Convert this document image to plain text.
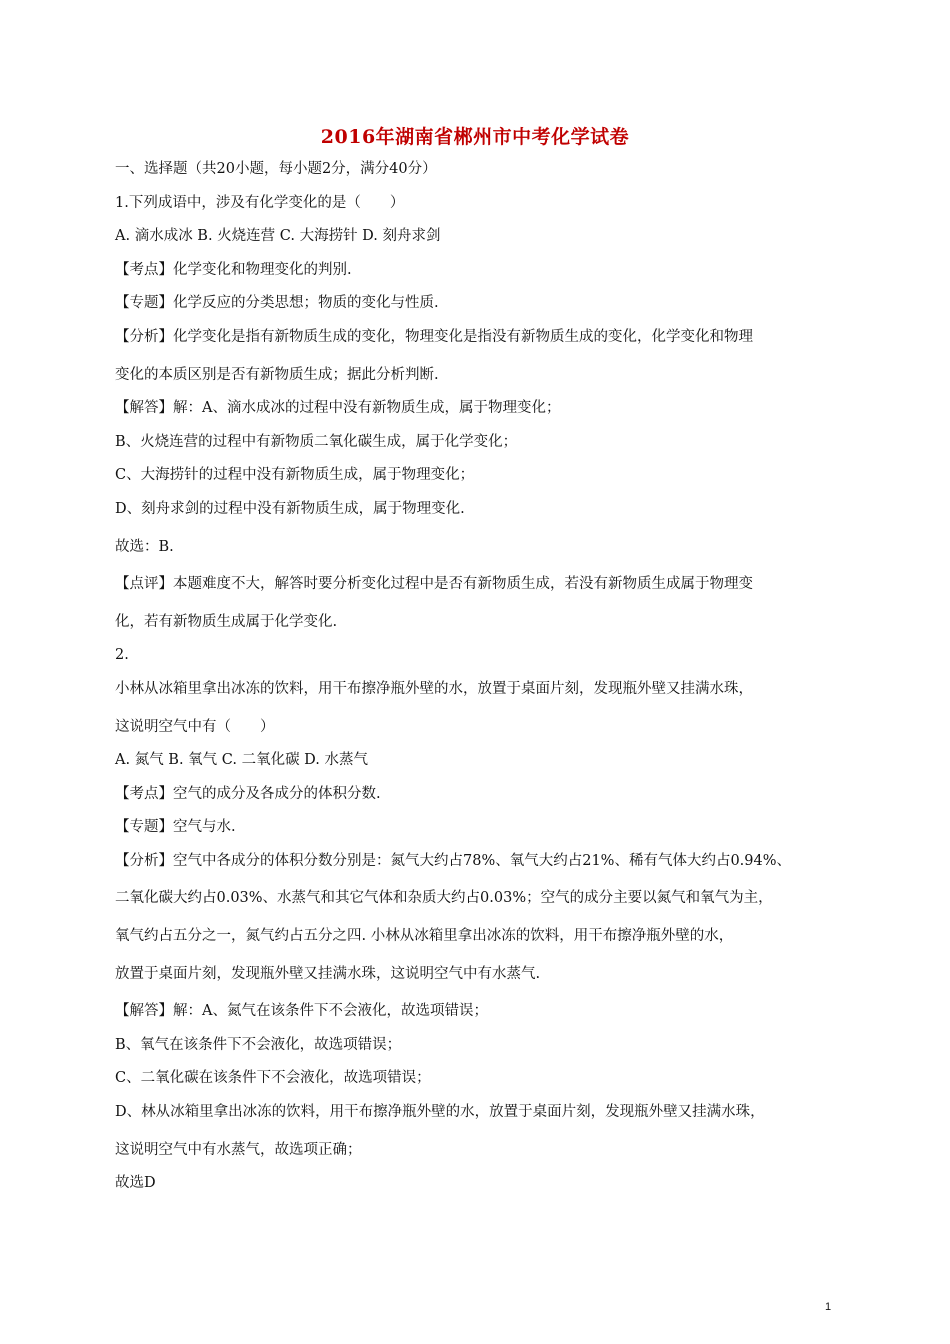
2016年湖南省郴州市中考化学试卷
一、选择题（共20小题，每小题2分，满分40分）
1.下列成语中，涉及有化学变化的是（　　）
A. 滴水成冰 B. 火烧连营 C. 大海捞针 D. 刻舟求剑
【考点】化学变化和物理变化的判别.
【专题】化学反应的分类思想；物质的变化与性质.
【分析】化学变化是指有新物质生成的变化，物理变化是指没有新物质生成的变化，化学变化和物理
变化的本质区别是否有新物质生成；据此分析判断.
【解答】解：A、滴水成冰的过程中没有新物质生成，属于物理变化；
B、火烧连营的过程中有新物质二氧化碳生成，属于化学变化；
C、大海捞针的过程中没有新物质生成，属于物理变化；
D、刻舟求剑的过程中没有新物质生成，属于物理变化.
故选：B.
【点评】本题难度不大，解答时要分析变化过程中是否有新物质生成，若没有新物质生成属于物理变
化，若有新物质生成属于化学变化.
2.
小林从冰箱里拿出冰冻的饮料，用干布擦净瓶外壁的水，放置于桌面片刻，发现瓶外壁又挂满水珠，
这说明空气中有（　　）
A. 氮气 B. 氧气 C. 二氧化碳 D. 水蒸气
【考点】空气的成分及各成分的体积分数.
【专题】空气与水.
【分析】空气中各成分的体积分数分别是：氮气大约占78%、氧气大约占21%、稀有气体大约占0.94%、
二氧化碳大约占0.03%、水蒸气和其它气体和杂质大约占0.03%；空气的成分主要以氮气和氧气为主，
氧气约占五分之一，氮气约占五分之四. 小林从冰箱里拿出冰冻的饮料，用干布擦净瓶外壁的水，
放置于桌面片刻，发现瓶外壁又挂满水珠，这说明空气中有水蒸气.
【解答】解：A、氮气在该条件下不会液化，故选项错误；
B、氧气在该条件下不会液化，故选项错误；
C、二氧化碳在该条件下不会液化，故选项错误；
D、林从冰箱里拿出冰冻的饮料，用干布擦净瓶外壁的水，放置于桌面片刻，发现瓶外壁又挂满水珠，
这说明空气中有水蒸气，故选项正确；
故选D
1
